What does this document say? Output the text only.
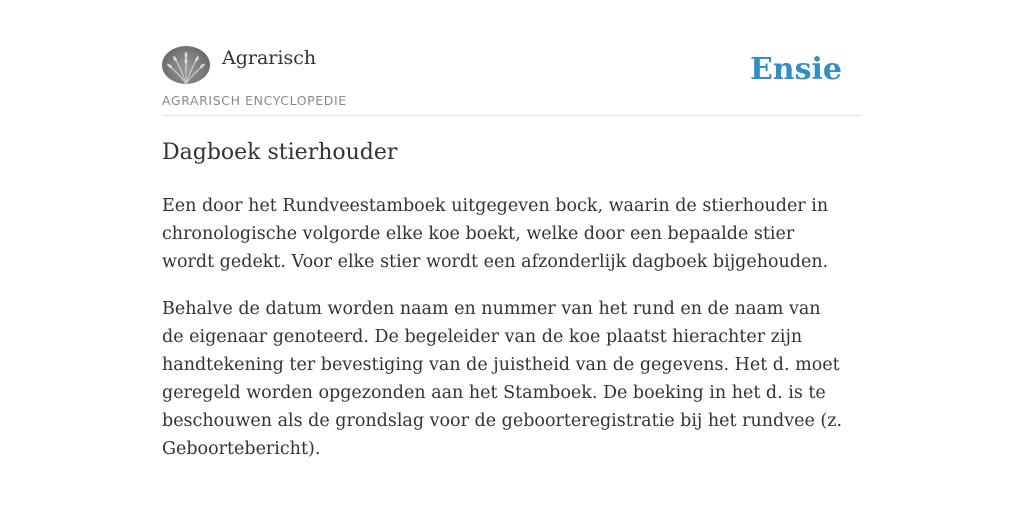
Agrarisch
AGRARISCH ENCYCLOPEDIE
Ensie
Dagboek stierhouder

Een door het Rundveestamboek uitgegeven bock, waarin de stierhouder in chronologische volgorde elke koe boekt, welke door een bepaalde stier wordt gedekt. Voor elke stier wordt een afzonderlijk dagboek bijgehouden.

Behalve de datum worden naam en nummer van het rund en de naam van de eigenaar genoteerd. De begeleider van de koe plaatst hierachter zijn handtekening ter bevestiging van de juistheid van de gegevens. Het d. moet geregeld worden opgezonden aan het Stamboek. De boeking in het d. is te beschouwen als de grondslag voor de geboorteregistratie bij het rundvee (z. Geboortebericht).
